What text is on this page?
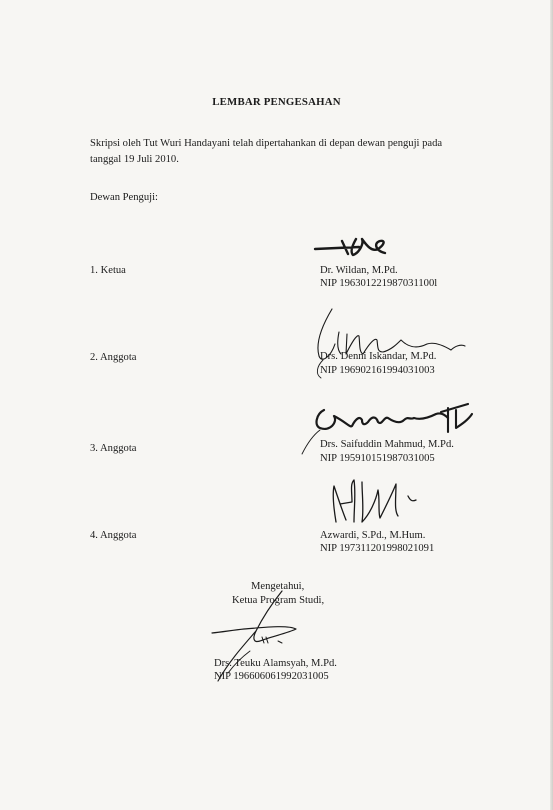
LEMBAR PENGESAHAN
Skripsi oleh Tut Wuri Handayani telah dipertahankan di depan dewan penguji pada
tanggal 19 Juli 2010.
Dewan Penguji:
1. Ketua	Dr. Wildan, M.Pd.
NIP 196301221987031100l
2. Anggota	Drs. Denni Iskandar, M.Pd.
NIP 196902161994031003
3. Anggota	Drs. Saifuddin Mahmud, M.Pd.
NIP 195910151987031005
4. Anggota	Azwardi, S.Pd., M.Hum.
NIP 197311201998021091
Mengetahui,
Ketua Program Studi,
Drs. Teuku Alamsyah, M.Pd.
NIP 196606061992031005
